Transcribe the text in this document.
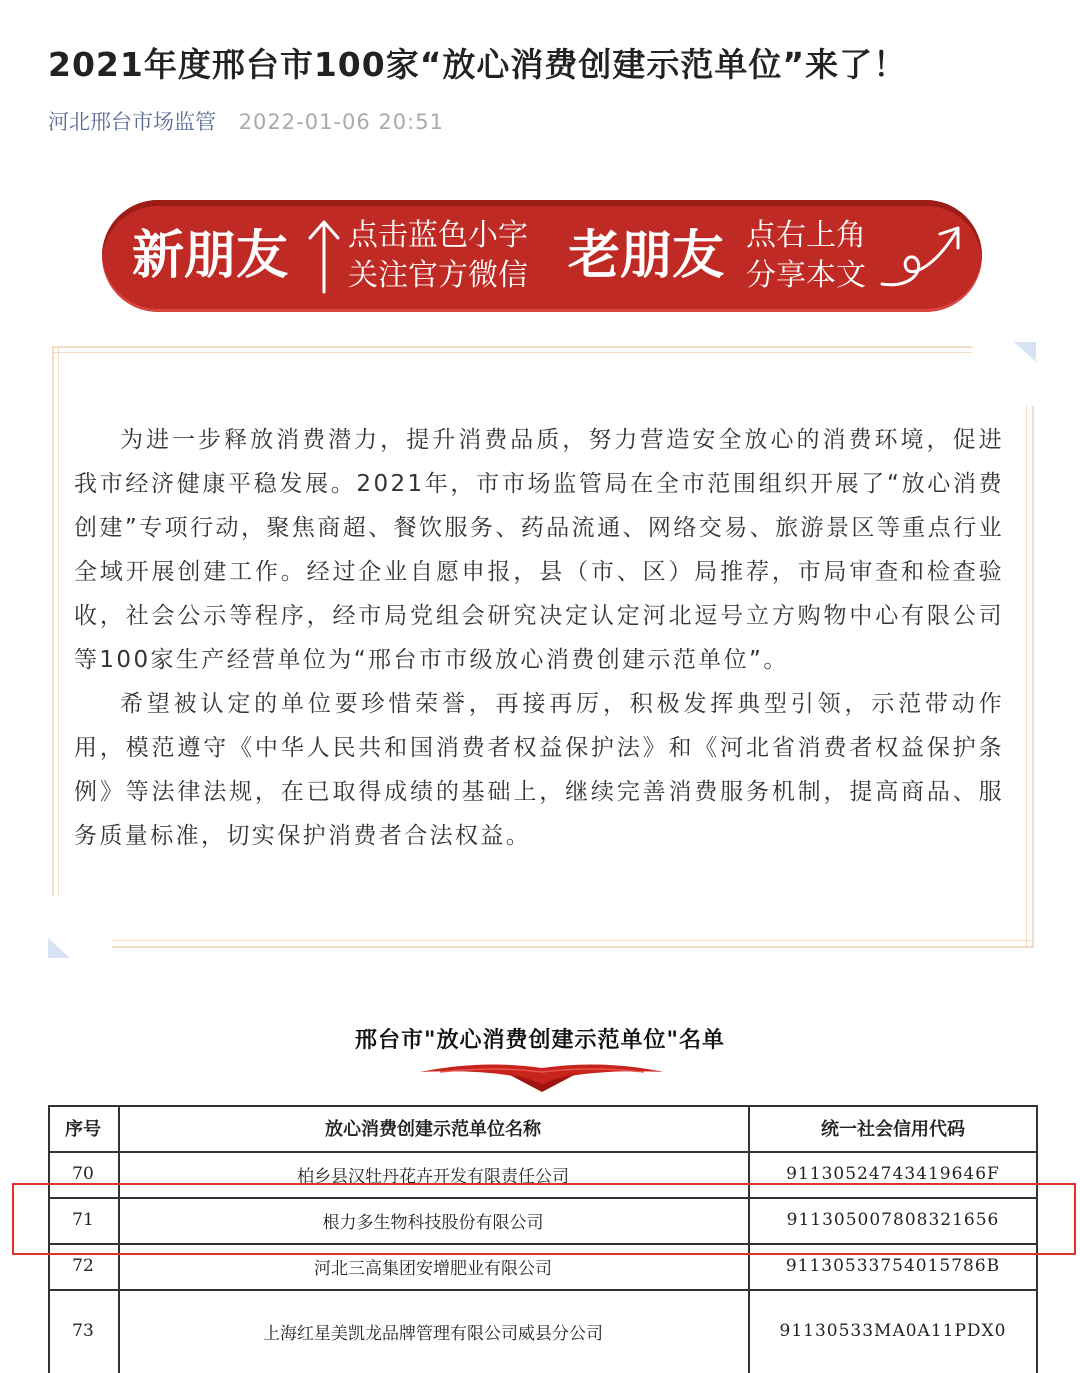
2021年度邢台市100家“放心消费创建示范单位”来了！
河北邢台市场监管 2022-01-06 20:51
新朋友 点击蓝色小字
关注官方微信 老朋友 点右上角
分享本文

为进一步释放消费潜力，提升消费品质，努力营造安全放心的消费环境，促进我市经济健康平稳发展。2021年，市市场监管局在全市范围组织开展了“放心消费创建”专项行动，聚焦商超、餐饮服务、药品流通、网络交易、旅游景区等重点行业全域开展创建工作。经过企业自愿申报，县（市、区）局推荐，市局审查和检查验收，社会公示等程序，经市局党组会研究决定认定河北逗号立方购物中心有限公司等100家生产经营单位为“邢台市市级放心消费创建示范单位”。

希望被认定的单位要珍惜荣誉，再接再厉，积极发挥典型引领，示范带动作用，模范遵守《中华人民共和国消费者权益保护法》和《河北省消费者权益保护条例》等法律法规，在已取得成绩的基础上，继续完善消费服务机制，提高商品、服务质量标准，切实保护消费者合法权益。

邢台市"放心消费创建示范单位"名单
序号	放心消费创建示范单位名称	统一社会信用代码
70	柏乡县汉牡丹花卉开发有限责任公司	91130524743419646F
71	根力多生物科技股份有限公司	911305007808321656
72	河北三高集团安增肥业有限公司	91130533754015786B
73	上海红星美凯龙品牌管理有限公司威县分公司	91130533MA0A11PDX0
